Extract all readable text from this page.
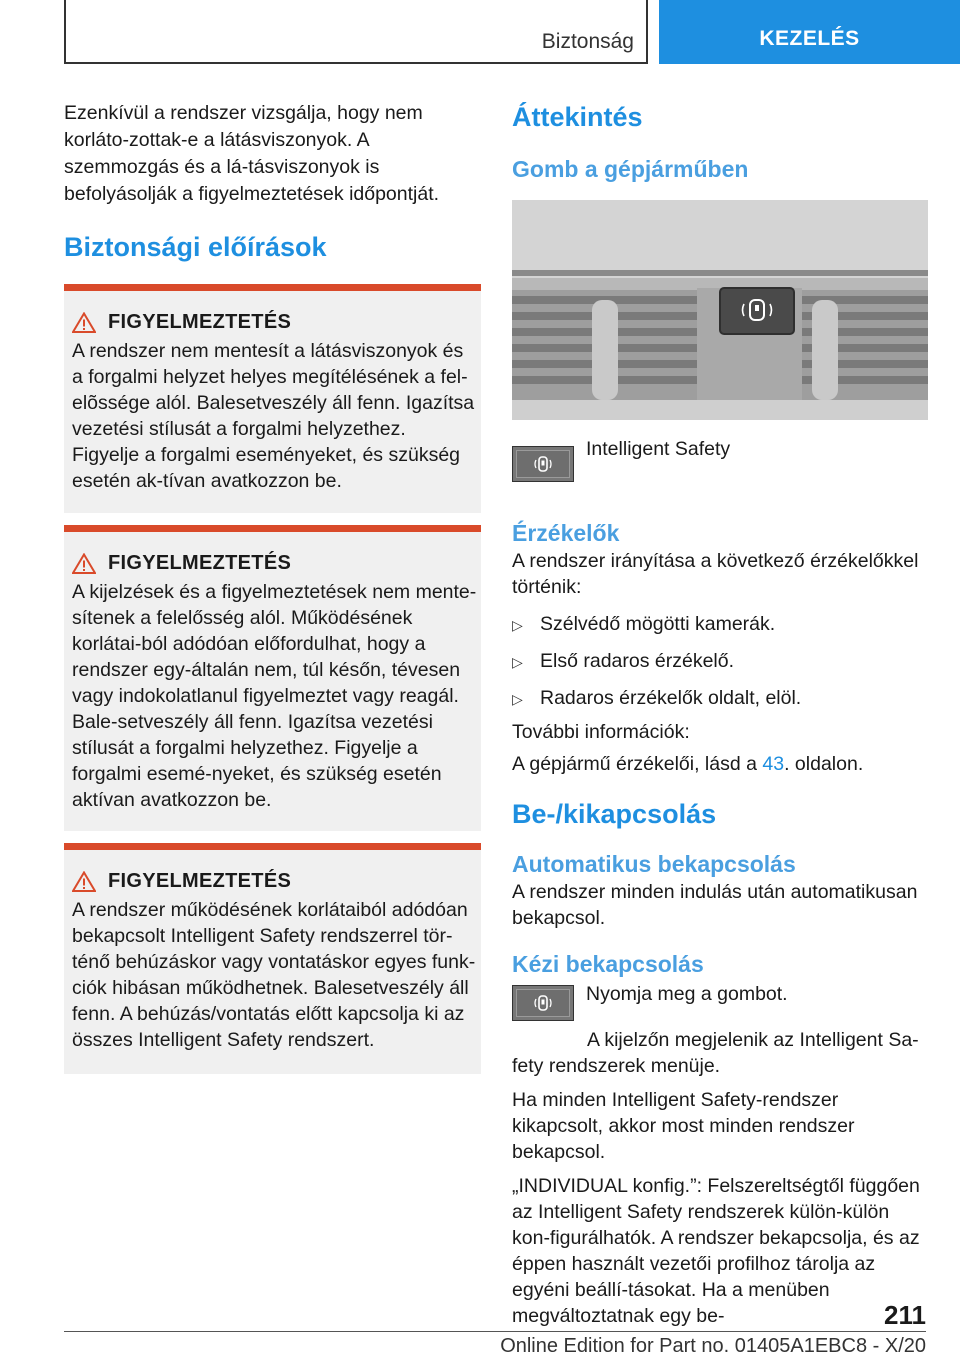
Biztonság	KEZELÉS

Ezenkívül a rendszer vizsgálja, hogy nem korláto-zottak-e a látásviszonyok. A szemmozgás és a lá-tásviszonyok is befolyásolják a figyelmeztetések időpontját.

Biztonsági előírások
FIGYELMEZTETÉS

A rendszer nem mentesít a látásviszonyok és a forgalmi helyzet helyes megítélésének a fel-elõssége alól. Balesetveszély áll fenn. Igazítsa vezetési stílusát a forgalmi helyzethez. Figyelje a forgalmi eseményeket, és szükség esetén ak-tívan avatkozzon be.

FIGYELMEZTETÉS

A kijelzések és a figyelmeztetések nem mente-sítenek a felelősség alól. Működésének korlátai-ból adódóan előfordulhat, hogy a rendszer egy-általán nem, túl későn, tévesen vagy indokolatlanul figyelmeztet vagy reagál. Bale-setveszély áll fenn. Igazítsa vezetési stílusát a forgalmi helyzethez. Figyelje a forgalmi esemé-nyeket, és szükség esetén aktívan avatkozzon be.

FIGYELMEZTETÉS

A rendszer működésének korlátaiból adódóan bekapcsolt Intelligent Safety rendszerrel tör-ténő behúzáskor vagy vontatáskor egyes funk-ciók hibásan működhetnek. Balesetveszély áll fenn. A behúzás/vontatás előtt kapcsolja ki az összes Intelligent Safety rendszert.

Áttekintés
Gomb a gépjárműben

Intelligent Safety

Érzékelők

A rendszer irányítása a következő érzékelőkkel történik:

▷ Szélvédő mögötti kamerák.

▷ Első radaros érzékelő.

▷ Radaros érzékelők oldalt, elöl.

További információk:

A gépjármű érzékelői, lásd a 43. oldalon.

Be-/kikapcsolás
Automatikus bekapcsolás

A rendszer minden indulás után automatikusan bekapcsol.

Kézi bekapcsolás

Nyomja meg a gombot.

A kijelzőn megjelenik az Intelligent Sa-fety rendszerek menüje.

Ha minden Intelligent Safety-rendszer kikapcsolt, akkor most minden rendszer bekapcsol.

„INDIVIDUAL konfig.”: Felszereltségtől függően az Intelligent Safety rendszerek külön-külön kon-figurálhatók. A rendszer bekapcsolja, és az éppen használt vezetői profilhoz tárolja az egyéni beállí-tásokat. Ha a menüben megváltoztatnak egy be-	211
Online Edition for Part no. 01405A1EBC8 - X/20
